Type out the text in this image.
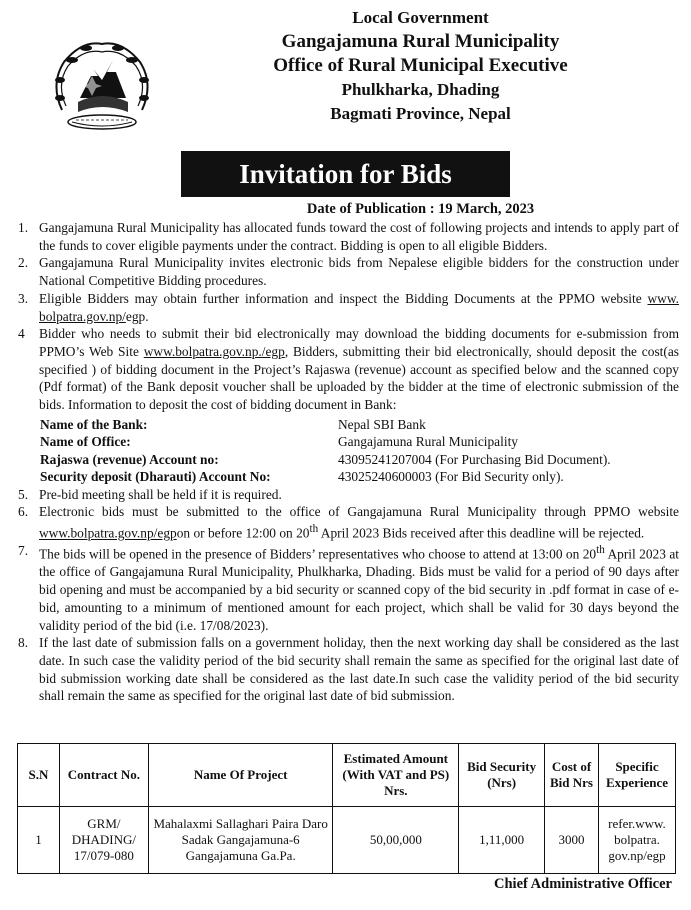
Local Government
Gangajamuna Rural Municipality
Office of Rural Municipal Executive
Phulkharka, Dhading
Bagmati Province, Nepal
Invitation for Bids
Date of Publication : 19 March, 2023
1. Gangajamuna Rural Municipality has allocated funds toward the cost of following projects and intends to apply part of the funds to cover eligible payments under the contract. Bidding is open to all eligible Bidders.
2. Gangajamuna Rural Municipality invites electronic bids from Nepalese eligible bidders for the construction under National Competitive Bidding procedures.
3. Eligible Bidders may obtain further information and inspect the Bidding Documents at the PPMO website www. bolpatra.gov.np/egp.
4	Bidder who needs to submit their bid electronically may download the bidding documents for e-submission from PPMO’s Web Site www.bolpatra.gov.np./egp, Bidders, submitting their bid electronically, should deposit the cost(as specified ) of bidding document in the Project’s Rajaswa (revenue) account as specified below and the scanned copy (Pdf format) of the Bank deposit voucher shall be uploaded by the bidder at the time of electronic submission of the bids. Information to deposit the cost of bidding document in Bank:
Name of the Bank:	Nepal SBI Bank
Name of Office:	Gangajamuna Rural Municipality
Rajaswa (revenue) Account no:	43095241207004 (For Purchasing Bid Document).
Security deposit (Dharauti) Account No:	43025240600003 (For Bid Security only).
5. Pre-bid meeting shall be held if it is required.
6. Electronic bids must be submitted to the office of Gangajamuna Rural Municipality through PPMO website www.bolpatra.gov.np/egpon or before 12:00 on 20th April 2023 Bids received after this deadline will be rejected.
7. The bids will be opened in the presence of Bidders’ representatives who choose to attend at 13:00 on 20th April 2023 at the office of Gangajamuna Rural Municipality, Phulkharka, Dhading. Bids must be valid for a period of 90 days after bid opening and must be accompanied by a bid security or scanned copy of the bid security in .pdf format in case of e-bid, amounting to a minimum of mentioned amount for each project, which shall be valid for 30 days beyond the validity period of the bid (i.e. 17/08/2023).
8. If the last date of submission falls on a government holiday, then the next working day shall be considered as the last date. In such case the validity period of the bid security shall remain the same as specified for the original last date of bid submission working date shall be considered as the last date.In such case the validity period of the bid security shall remain the same as specified for the original last date of bid submission.
S.N	Contract No.	Name Of Project	Estimated Amount (With VAT and PS) Nrs.	Bid Security (Nrs)	Cost of Bid Nrs	Specific Experience
1	GRM/ DHADING/ 17/079-080	Mahalaxmi Sallaghari Paira Daro Sadak Gangajamuna-6 Gangajamuna Ga.Pa.	50,00,000	1,11,000	3000	refer.www. bolpatra. gov.np/egp
Chief Administrative Officer
